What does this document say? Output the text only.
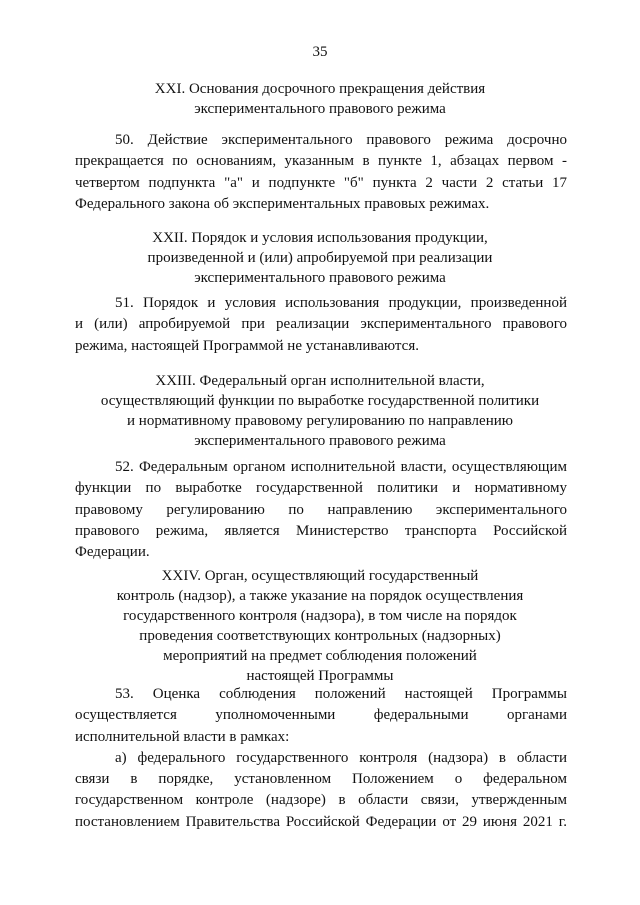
35
XXI. Основания досрочного прекращения действия
экспериментального правового режима
50. Действие экспериментального правового режима досрочно
прекращается по основаниям, указанным в пункте 1, абзацах первом -
четвертом подпункта "а" и подпункте "б" пункта 2 части 2 статьи 17
Федерального закона об экспериментальных правовых режимах.
XXII. Порядок и условия использования продукции,
произведенной и (или) апробируемой при реализации
экспериментального правового режима
51. Порядок и условия использования продукции, произведенной
и (или) апробируемой при реализации экспериментального правового
режима, настоящей Программой не устанавливаются.
XXIII. Федеральный орган исполнительной власти,
осуществляющий функции по выработке государственной политики
и нормативному правовому регулированию по направлению
экспериментального правового режима
52. Федеральным органом исполнительной власти, осуществляющим
функции по выработке государственной политики и нормативному
правовому регулированию по направлению экспериментального
правового режима, является Министерство транспорта Российской
Федерации.
XXIV. Орган, осуществляющий государственный
контроль (надзор), а также указание на порядок осуществления
государственного контроля (надзора), в том числе на порядок
проведения соответствующих контрольных (надзорных)
мероприятий на предмет соблюдения положений
настоящей Программы
53. Оценка соблюдения положений настоящей Программы
осуществляется уполномоченными федеральными органами
исполнительной власти в рамках:
а) федерального государственного контроля (надзора) в области
связи в порядке, установленном Положением о федеральном
государственном контроле (надзоре) в области связи, утвержденным
постановлением Правительства Российской Федерации от 29 июня 2021 г.
